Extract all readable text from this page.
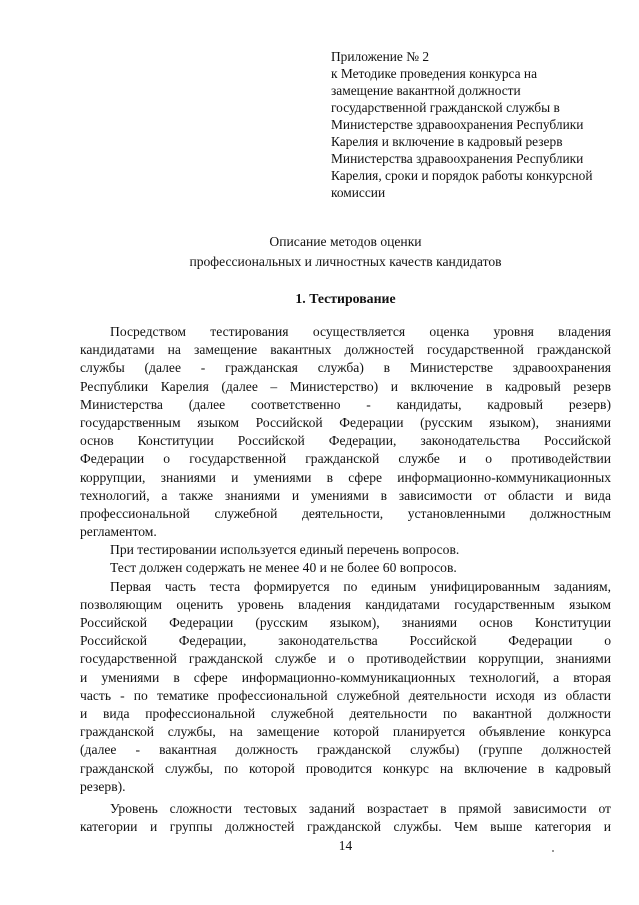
Приложение № 2
к Методике проведения конкурса на
замещение вакантной должности
государственной гражданской службы в
Министерстве здравоохранения Республики
Карелия и включение в кадровый резерв
Министерства здравоохранения Республики
Карелия, сроки и порядок работы конкурсной
комиссии
Описание методов оценки
профессиональных и личностных качеств кандидатов
1. Тестирование
Посредством тестирования осуществляется оценка уровня владения
кандидатами на замещение вакантных должностей государственной гражданской
службы (далее - гражданская служба) в Министерстве здравоохранения
Республики Карелия (далее – Министерство) и включение в кадровый резерв
Министерства (далее соответственно - кандидаты, кадровый резерв)
государственным языком Российской Федерации (русским языком), знаниями
основ Конституции Российской Федерации, законодательства Российской
Федерации о государственной гражданской службе и о противодействии
коррупции, знаниями и умениями в сфере информационно-коммуникационных
технологий, а также знаниями и умениями в зависимости от области и вида
профессиональной служебной деятельности, установленными должностным
регламентом.
При тестировании используется единый перечень вопросов.
Тест должен содержать не менее 40 и не более 60 вопросов.
Первая часть теста формируется по единым унифицированным заданиям,
позволяющим оценить уровень владения кандидатами государственным языком
Российской Федерации (русским языком), знаниями основ Конституции
Российской Федерации, законодательства Российской Федерации о
государственной гражданской службе и о противодействии коррупции, знаниями
и умениями в сфере информационно-коммуникационных технологий, а вторая
часть - по тематике профессиональной служебной деятельности исходя из области
и вида профессиональной служебной деятельности по вакантной должности
гражданской службы, на замещение которой планируется объявление конкурса
(далее - вакантная должность гражданской службы) (группе должностей
гражданской службы, по которой проводится конкурс на включение в кадровый
резерв).
Уровень сложности тестовых заданий возрастает в прямой зависимости от
категории и группы должностей гражданской службы. Чем выше категория и
14
